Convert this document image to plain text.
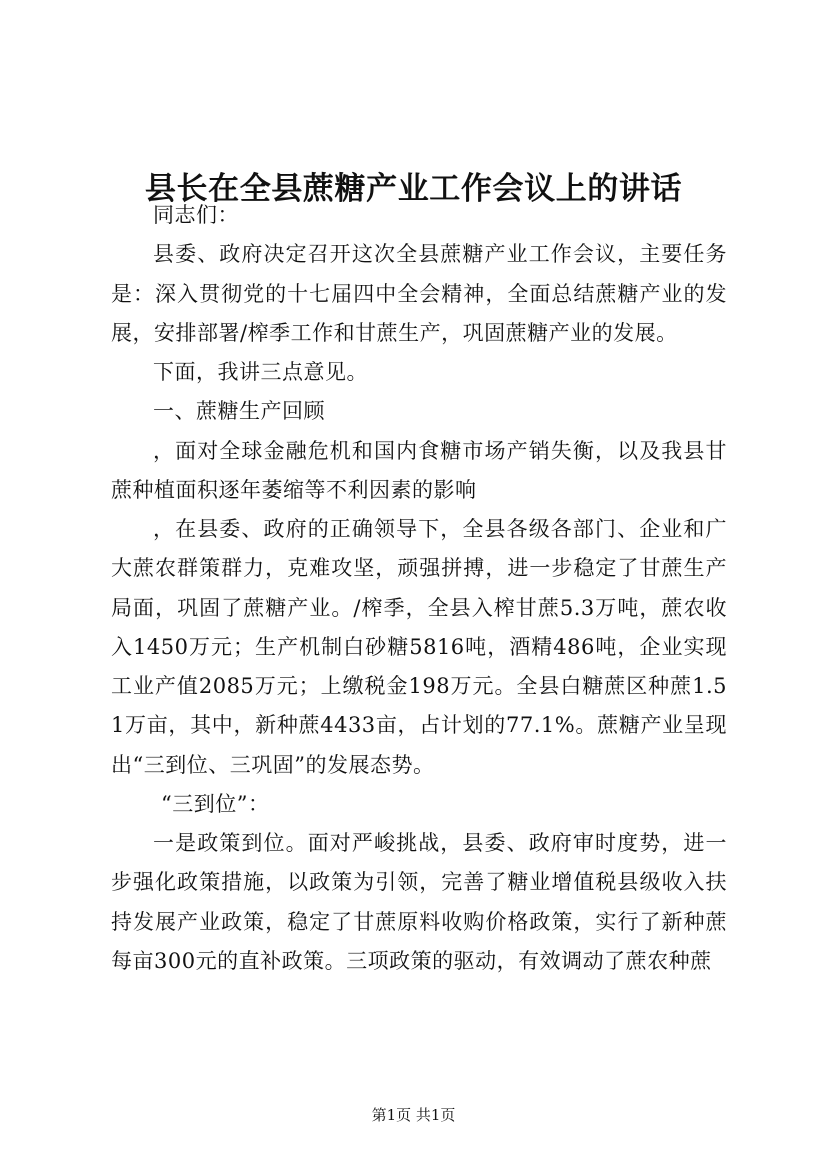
县长在全县蔗糖产业工作会议上的讲话

同志们：

县委、政府决定召开这次全县蔗糖产业工作会议，主要任务是：深入贯彻党的十七届四中全会精神，全面总结蔗糖产业的发展，安排部署/榨季工作和甘蔗生产，巩固蔗糖产业的发展。

下面，我讲三点意见。

一、蔗糖生产回顾

，面对全球金融危机和国内食糖市场产销失衡，以及我县甘蔗种植面积逐年萎缩等不利因素的影响

，在县委、政府的正确领导下，全县各级各部门、企业和广大蔗农群策群力，克难攻坚，顽强拼搏，进一步稳定了甘蔗生产局面，巩固了蔗糖产业。/榨季，全县入榨甘蔗5.3万吨，蔗农收入1450万元；生产机制白砂糖5816吨，酒精486吨，企业实现工业产值2085万元；上缴税金198万元。全县白糖蔗区种蔗1.51万亩，其中，新种蔗4433亩，占计划的77.1%。蔗糖产业呈现出“三到位、三巩固”的发展态势。

“三到位”：

一是政策到位。面对严峻挑战，县委、政府审时度势，进一步强化政策措施，以政策为引领，完善了糖业增值税县级收入扶持发展产业政策，稳定了甘蔗原料收购价格政策，实行了新种蔗每亩300元的直补政策。三项政策的驱动，有效调动了蔗农种蔗

第1页 共1页
